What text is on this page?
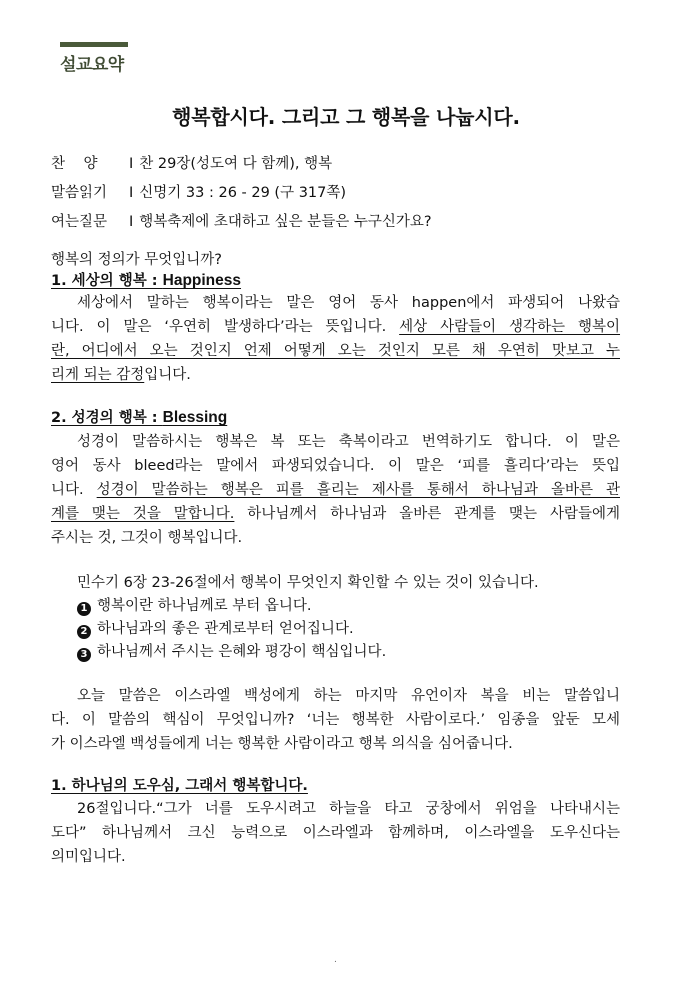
설교요약
행복합시다. 그리고 그 행복을 나눕시다.
찬    양 I 찬 29장(성도여 다 함께), 행복
말씀읽기 I 신명기 33 : 26 - 29 (구 317쪽)
여는질문 I 행복축제에 초대하고 싶은 분들은 누구신가요?
행복의 정의가 무엇입니까?
1. 세상의 행복 : Happiness
세상에서 말하는 행복이라는 말은 영어 동사 happen에서 파생되어 나왔습
니다. 이 말은 ‘우연히 발생하다’라는 뜻입니다. 세상 사람들이 생각하는 행복이
란, 어디에서 오는 것인지 언제 어떻게 오는 것인지 모른 채 우연히 맛보고 누
리게 되는 감정입니다.
2. 성경의 행복 : Blessing
성경이 말씀하시는 행복은 복 또는 축복이라고 번역하기도 합니다. 이 말은
영어 동사 bleed라는 말에서 파생되었습니다. 이 말은 ‘피를 흘리다’라는 뜻입
니다. 성경이 말씀하는 행복은 피를 흘리는 제사를 통해서 하나님과 올바른 관
계를 맺는 것을 말합니다. 하나님께서 하나님과 올바른 관계를 맺는 사람들에게
주시는 것, 그것이 행복입니다.
민수기 6장 23-26절에서 행복이 무엇인지 확인할 수 있는 것이 있습니다.
1 행복이란 하나님께로 부터 옵니다.
2 하나님과의 좋은 관계로부터 얻어집니다.
3 하나님께서 주시는 은혜와 평강이 핵심입니다.
오늘 말씀은 이스라엘 백성에게 하는 마지막 유언이자 복을 비는 말씀입니
다. 이 말씀의 핵심이 무엇입니까? ‘너는 행복한 사람이로다.’ 임종을 앞둔 모세
가 이스라엘 백성들에게 너는 행복한 사람이라고 행복 의식을 심어줍니다.
1. 하나님의 도우심, 그래서 행복합니다.
26절입니다.“그가 너를 도우시려고 하늘을 타고 궁창에서 위엄을 나타내시는
도다” 하나님께서 크신 능력으로 이스라엘과 함께하며, 이스라엘을 도우신다는
의미입니다.
.
